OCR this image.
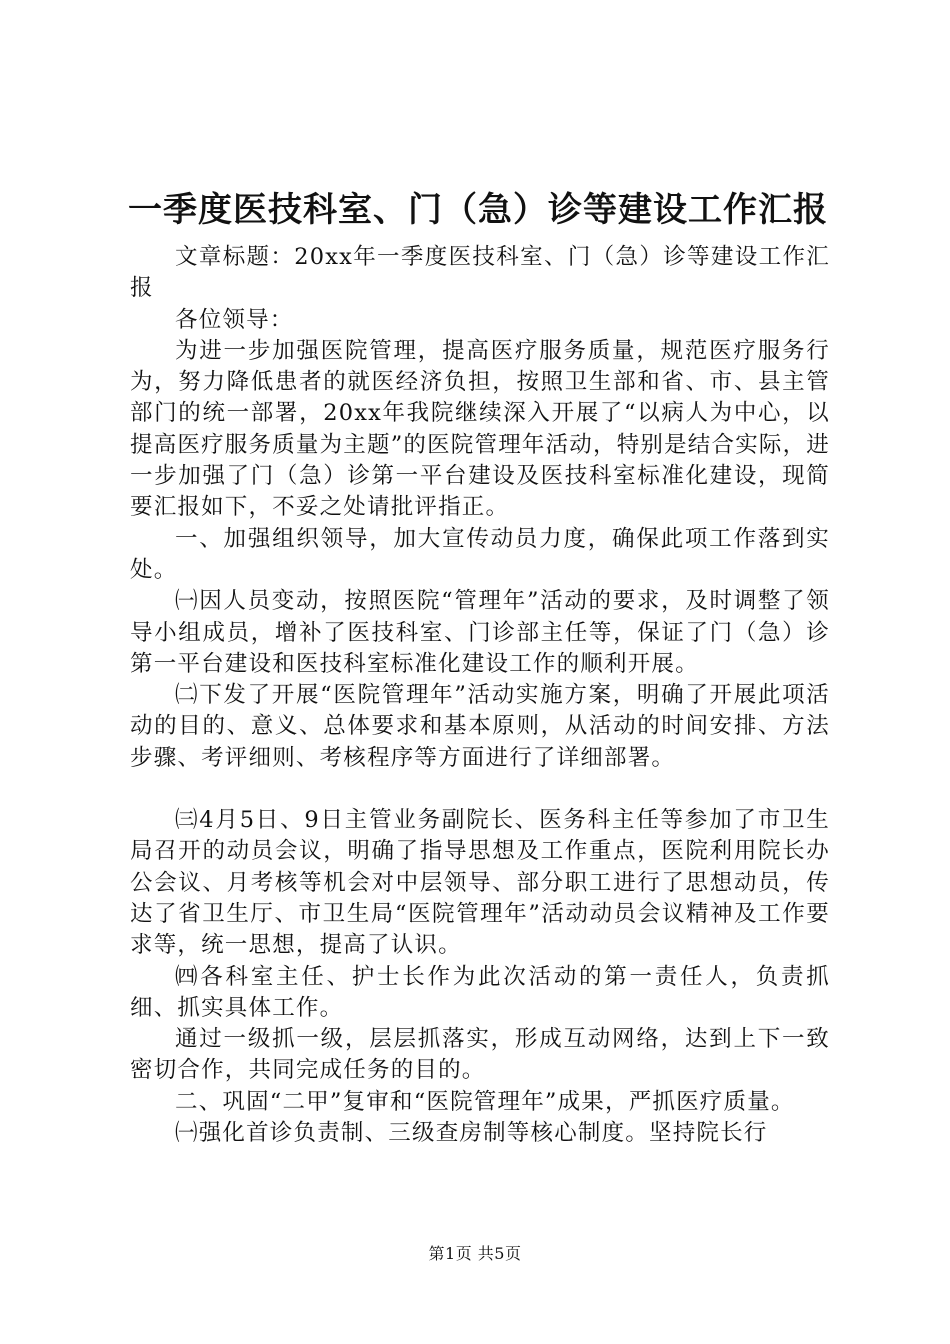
一季度医技科室、门（急）诊等建设工作汇报

文章标题：20xx年一季度医技科室、门（急）诊等建设工作汇报

各位领导：

为进一步加强医院管理，提高医疗服务质量，规范医疗服务行为，努力降低患者的就医经济负担，按照卫生部和省、市、县主管部门的统一部署，20xx年我院继续深入开展了“以病人为中心，以提高医疗服务质量为主题”的医院管理年活动，特别是结合实际，进一步加强了门（急）诊第一平台建设及医技科室标准化建设，现简要汇报如下，不妥之处请批评指正。

一、加强组织领导，加大宣传动员力度，确保此项工作落到实处。

㈠因人员变动，按照医院“管理年”活动的要求，及时调整了领导小组成员，增补了医技科室、门诊部主任等，保证了门（急）诊第一平台建设和医技科室标准化建设工作的顺利开展。

㈡下发了开展“医院管理年”活动实施方案，明确了开展此项活动的目的、意义、总体要求和基本原则，从活动的时间安排、方法步骤、考评细则、考核程序等方面进行了详细部署。

㈢4月5日、9日主管业务副院长、医务科主任等参加了市卫生局召开的动员会议，明确了指导思想及工作重点，医院利用院长办公会议、月考核等机会对中层领导、部分职工进行了思想动员，传达了省卫生厅、市卫生局“医院管理年”活动动员会议精神及工作要求等，统一思想，提高了认识。

㈣各科室主任、护士长作为此次活动的第一责任人，负责抓细、抓实具体工作。

通过一级抓一级，层层抓落实，形成互动网络，达到上下一致密切合作，共同完成任务的目的。

二、巩固“二甲”复审和“医院管理年”成果，严抓医疗质量。

㈠强化首诊负责制、三级查房制等核心制度。坚持院长行

第1页 共5页
